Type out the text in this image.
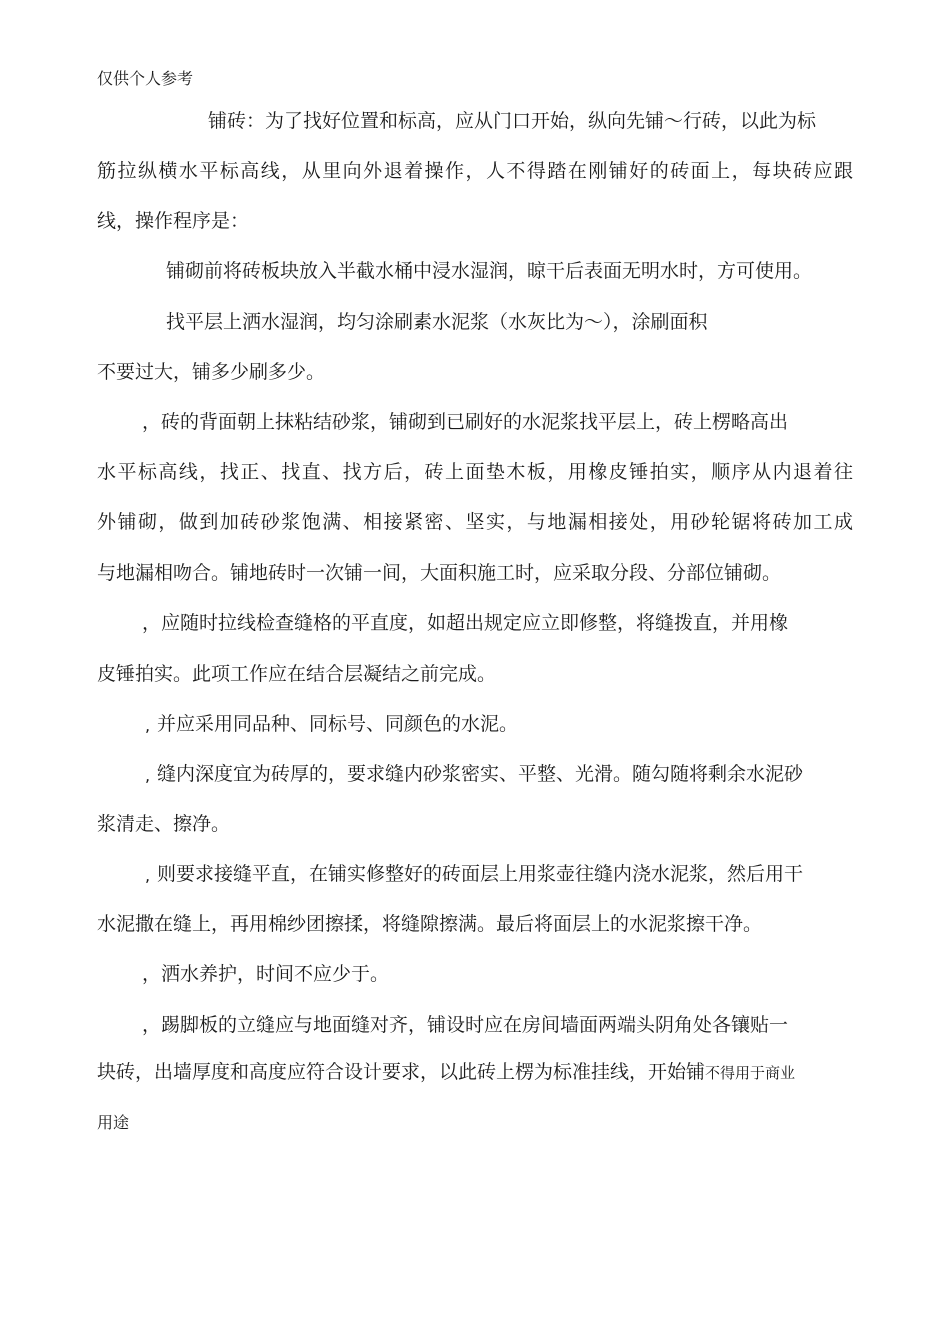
仅供个人参考
铺砖：为了找好位置和标高，应从门口开始，纵向先铺〜行砖，以此为标
筋拉纵横水平标高线，从里向外退着操作，人不得踏在刚铺好的砖面上，每块砖应跟
线，操作程序是：
铺砌前将砖板块放入半截水桶中浸水湿润，晾干后表面无明水时，方可使用。
找平层上洒水湿润，均匀涂刷素水泥浆（水灰比为〜），涂刷面积
不要过大，铺多少刷多少。
，砖的背面朝上抹粘结砂浆，铺砌到已刷好的水泥浆找平层上，砖上楞略高出
水平标高线，找正、找直、找方后，砖上面垫木板，用橡皮锤拍实，顺序从内退着往
外铺砌，做到加砖砂浆饱满、相接紧密、坚实，与地漏相接处，用砂轮锯将砖加工成
与地漏相吻合。铺地砖时一次铺一间，大面积施工时，应采取分段、分部位铺砌。
，应随时拉线检查缝格的平直度，如超出规定应立即修整，将缝拨直，并用橡
皮锤拍实。此项工作应在结合层凝结之前完成。
, 并应采用同品种、同标号、同颜色的水泥。
, 缝内深度宜为砖厚的，要求缝内砂浆密实、平整、光滑。随勾随将剩余水泥砂
浆清走、擦净。
, 则要求接缝平直，在铺实修整好的砖面层上用浆壶往缝内浇水泥浆，然后用干
水泥撒在缝上，再用棉纱团擦揉，将缝隙擦满。最后将面层上的水泥浆擦干净。
，洒水养护，时间不应少于。
，踢脚板的立缝应与地面缝对齐，铺设时应在房间墙面两端头阴角处各镶贴一
块砖，出墙厚度和高度应符合设计要求，以此砖上楞为标准挂线，开始铺不得用于商业
用途
